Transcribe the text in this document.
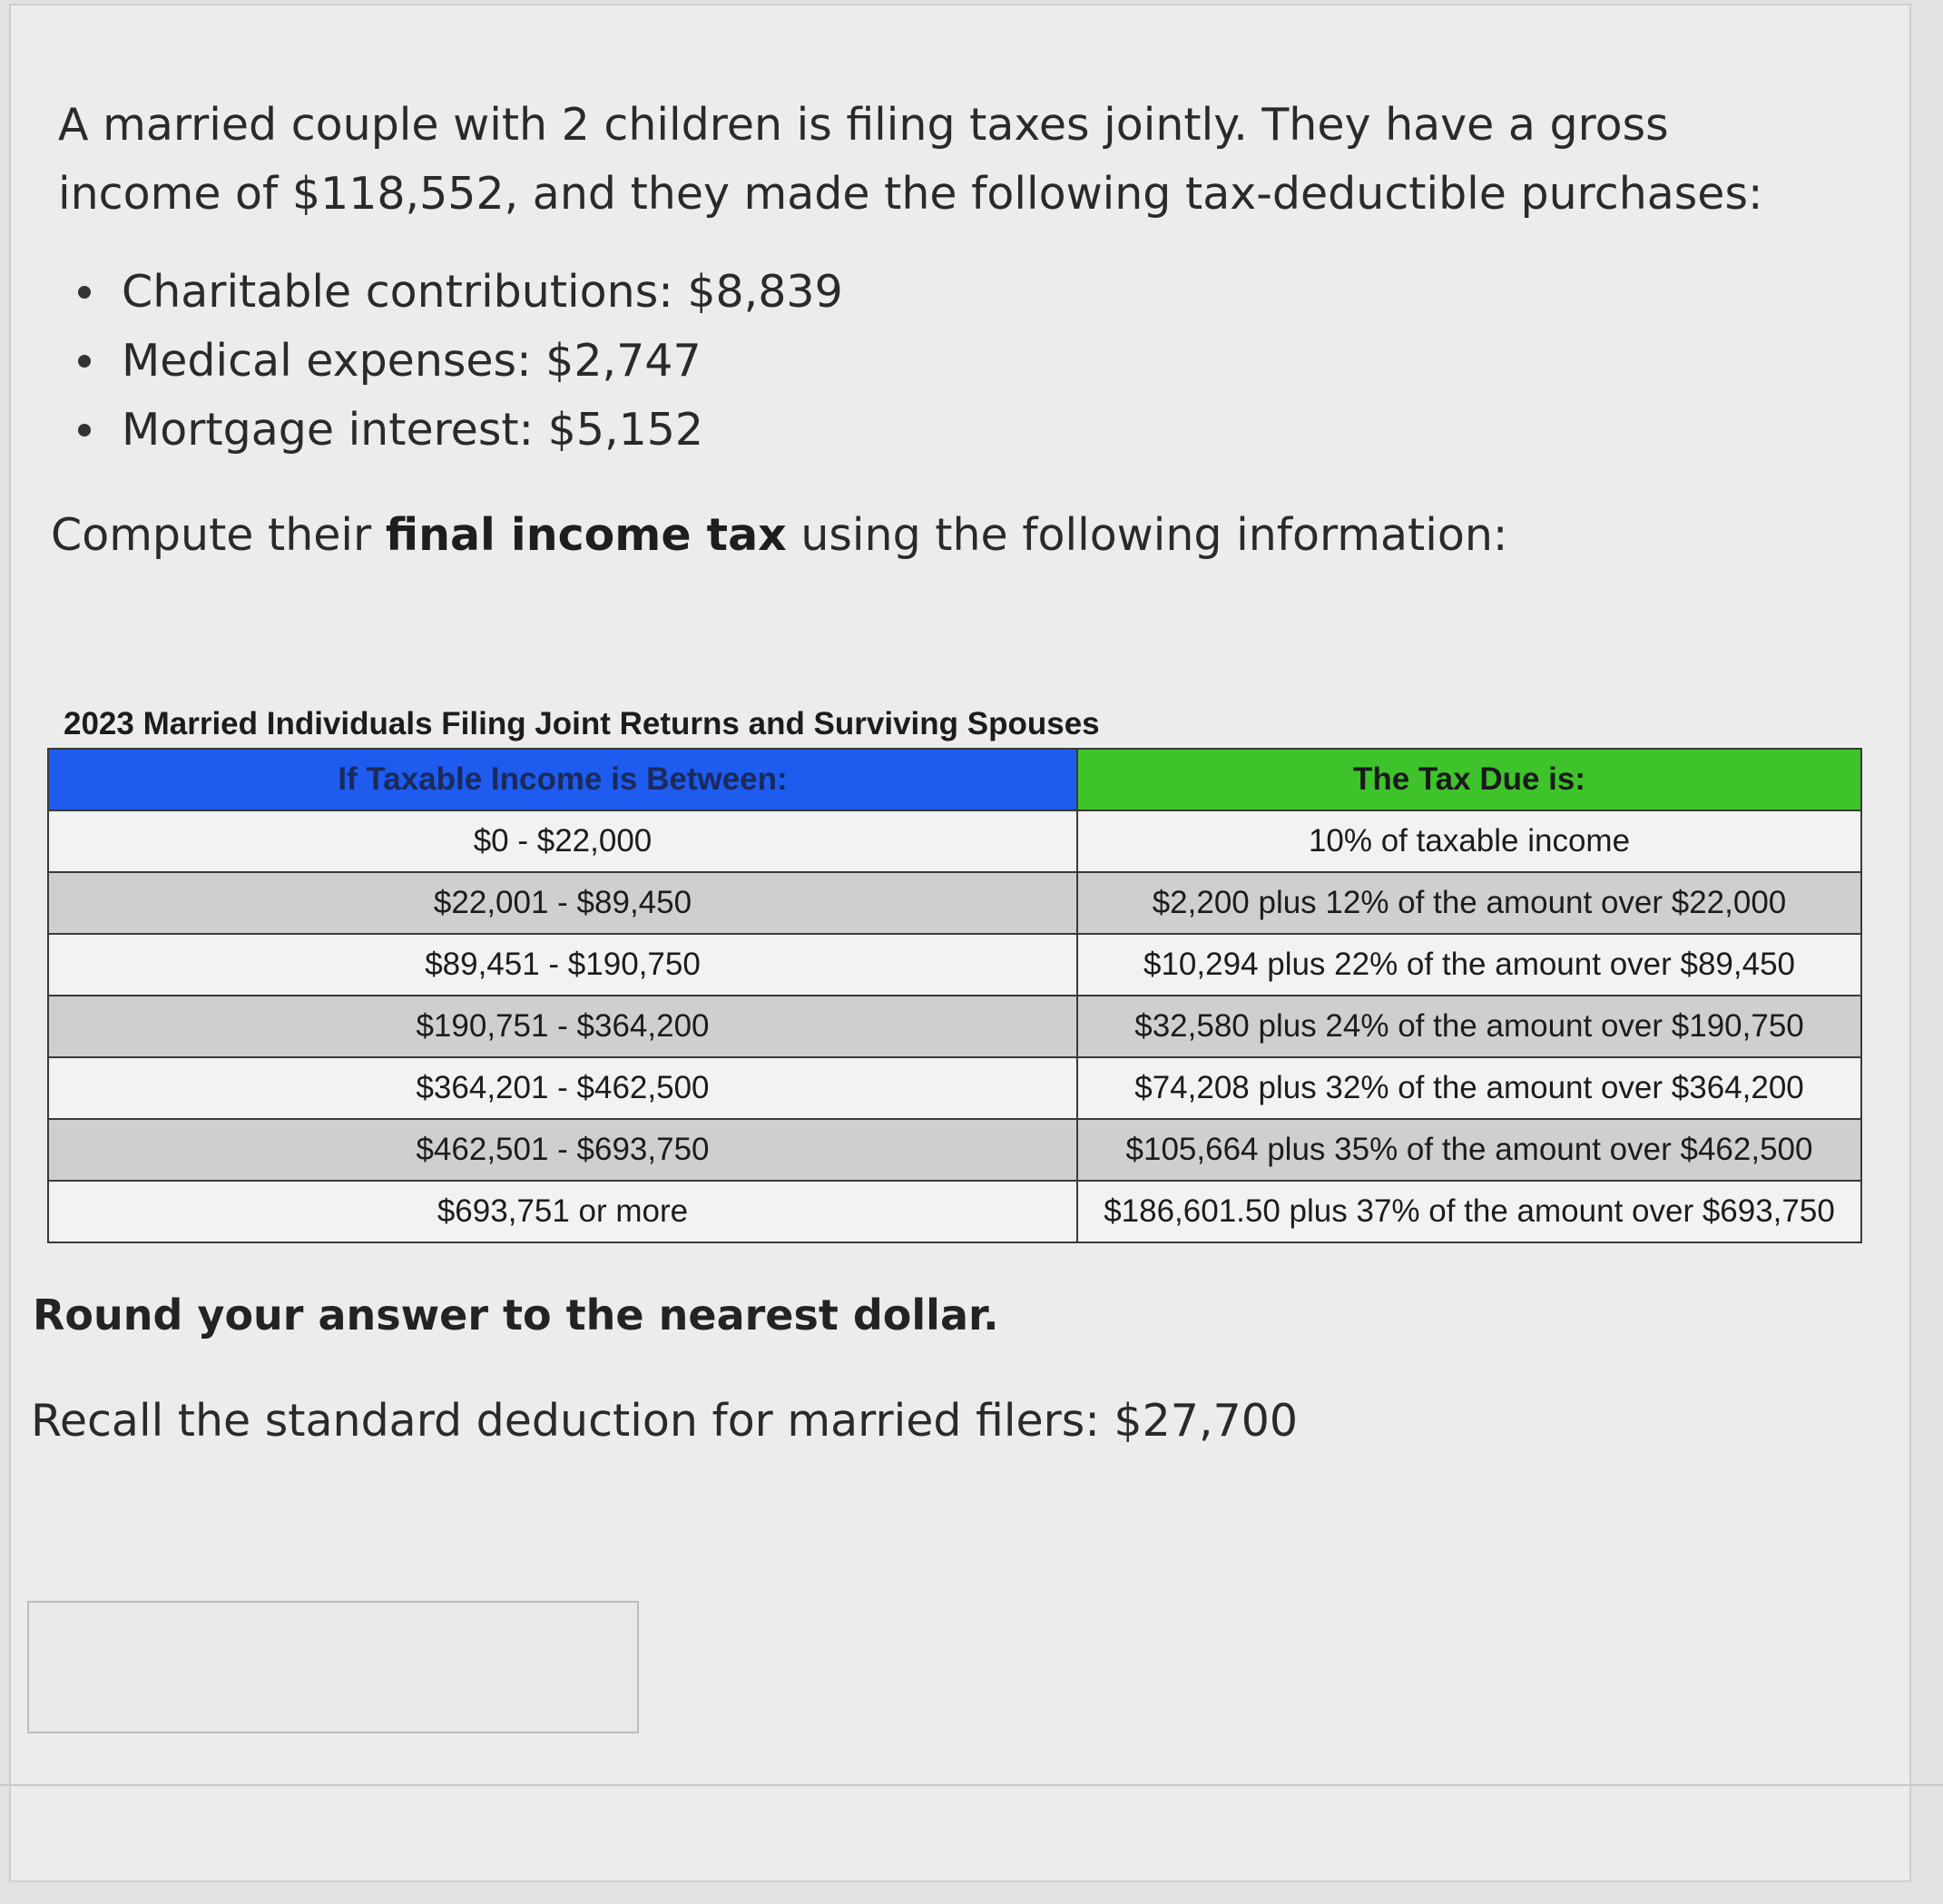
A married couple with 2 children is filing taxes jointly. They have a gross income of $118,552, and they made the following tax-deductible purchases:

Charitable contributions: $8,839
Medical expenses: $2,747
Mortgage interest: $5,152

Compute their final income tax using the following information:

2023 Married Individuals Filing Joint Returns and Surviving Spouses
If Taxable Income is Between:	The Tax Due is:
$0 - $22,000	10% of taxable income
$22,001 - $89,450	$2,200 plus 12% of the amount over $22,000
$89,451 - $190,750	$10,294 plus 22% of the amount over $89,450
$190,751 - $364,200	$32,580 plus 24% of the amount over $190,750
$364,201 - $462,500	$74,208 plus 32% of the amount over $364,200
$462,501 - $693,750	$105,664 plus 35% of the amount over $462,500
$693,751 or more	$186,601.50 plus 37% of the amount over $693,750

Round your answer to the nearest dollar.

Recall the standard deduction for married filers: $27,700
